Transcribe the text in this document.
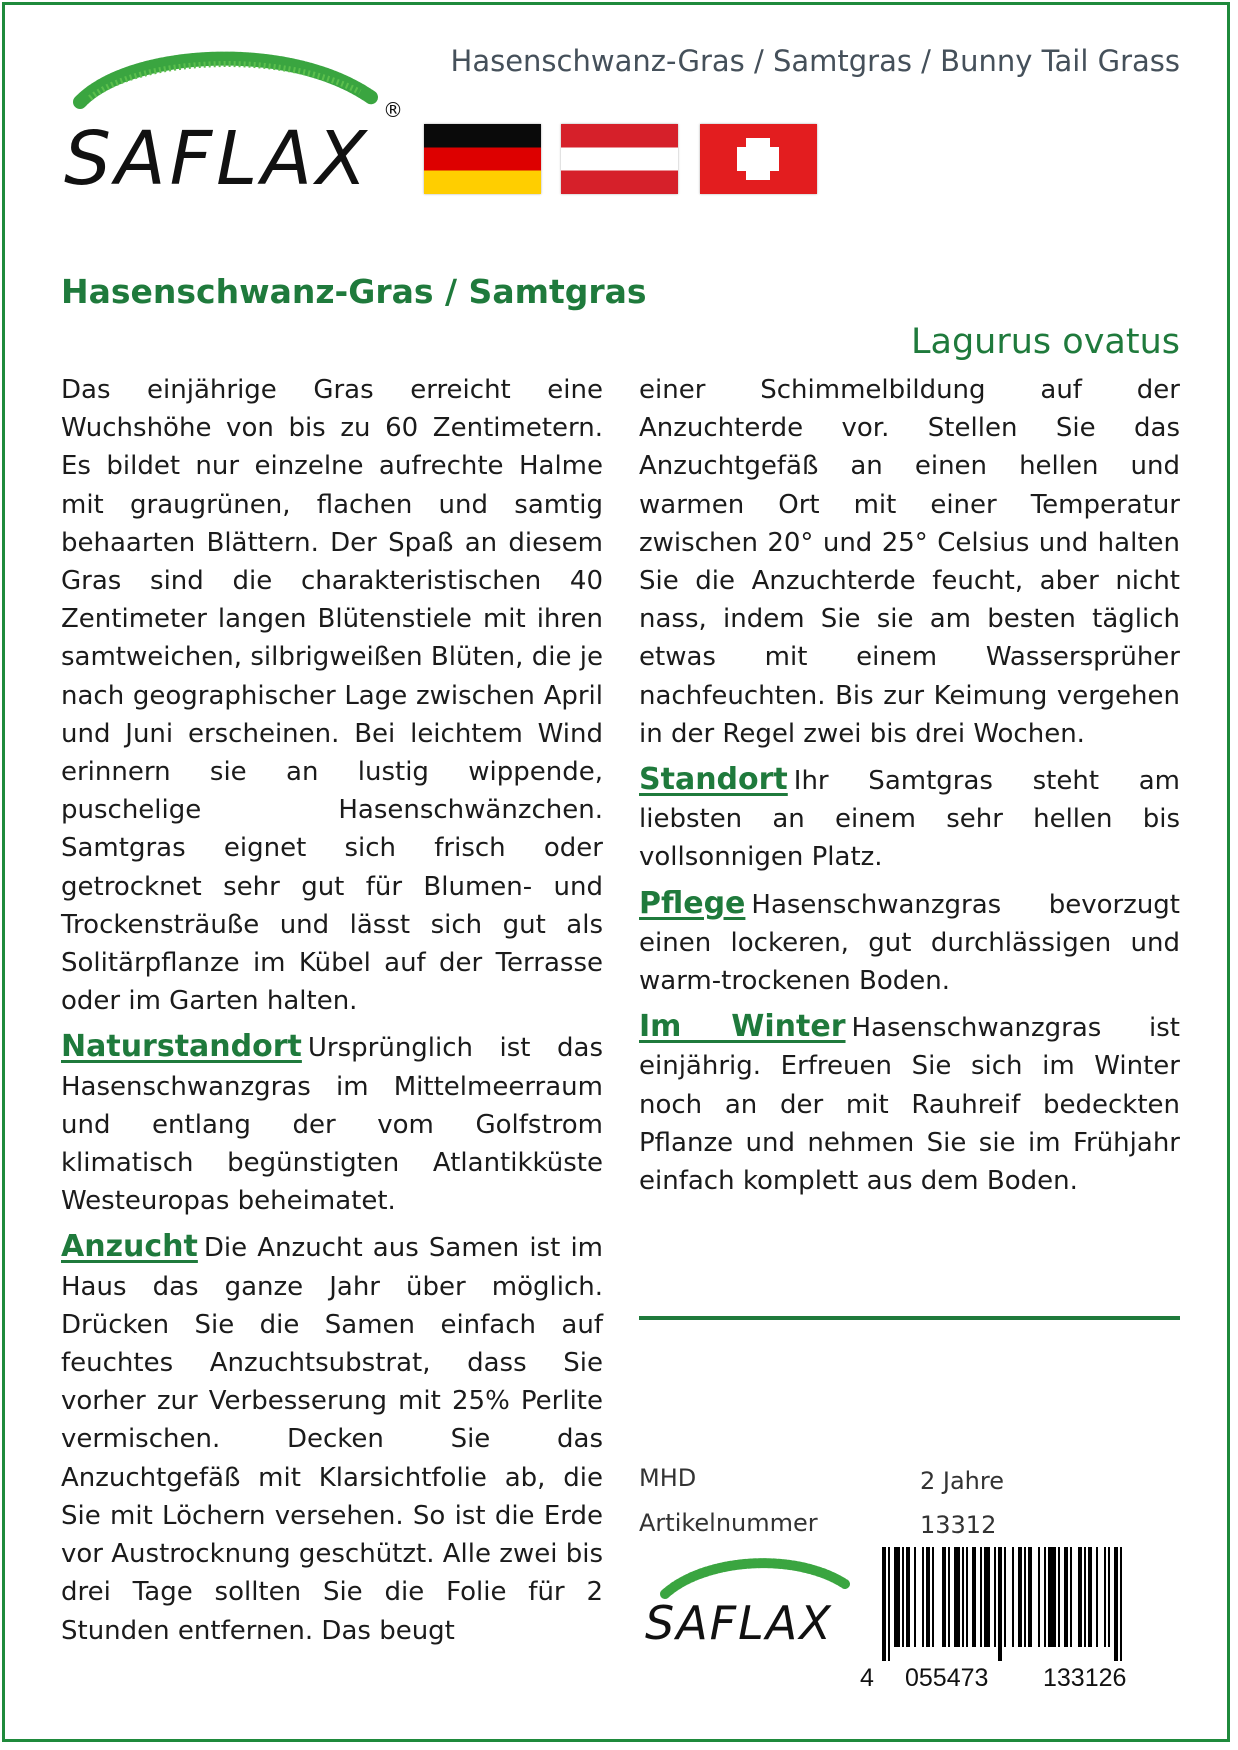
SAFLAX
®
Hasenschwanz-Gras / Samtgras / Bunny Tail Grass
Hasenschwanz-Gras / Samtgras
Lagurus ovatus

Das einjährige Gras erreicht eine Wuchshöhe von bis zu 60 Zentimetern. Es bildet nur einzelne aufrechte Halme mit graugrünen, flachen und samtig behaarten Blättern. Der Spaß an diesem Gras sind die charakteristischen 40 Zentimeter langen Blütenstiele mit ihren samtweichen, silbrigweißen Blüten, die je nach geographischer Lage zwischen April und Juni erscheinen. Bei leichtem Wind erinnern sie an lustig wippende, puschelige Hasenschwänzchen. Samtgras eignet sich frisch oder getrocknet sehr gut für Blumen- und Trockensträuße und lässt sich gut als Solitärpflanze im Kübel auf der Terrasse oder im Garten halten.

Naturstandort Ursprünglich ist das Hasenschwanzgras im Mittelmeerraum und entlang der vom Golfstrom klimatisch begünstigten Atlantikküste Westeuropas beheimatet.

Anzucht Die Anzucht aus Samen ist im Haus das ganze Jahr über möglich. Drücken Sie die Samen einfach auf feuchtes Anzuchtsubstrat, dass Sie vorher zur Verbesserung mit 25% Perlite vermischen. Decken Sie das Anzuchtgefäß mit Klarsichtfolie ab, die Sie mit Löchern versehen. So ist die Erde vor Austrocknung geschützt. Alle zwei bis drei Tage sollten Sie die Folie für 2 Stunden entfernen. Das beugt

einer Schimmelbildung auf der Anzuchterde vor. Stellen Sie das Anzuchtgefäß an einen hellen und warmen Ort mit einer Temperatur zwischen 20° und 25° Celsius und halten Sie die Anzuchterde feucht, aber nicht nass, indem Sie sie am besten täglich etwas mit einem Wassersprüher nachfeuchten. Bis zur Keimung vergehen in der Regel zwei bis drei Wochen.

Standort Ihr Samtgras steht am liebsten an einem sehr hellen bis vollsonnigen Platz.

Pflege Hasenschwanzgras bevorzugt einen lockeren, gut durchlässigen und warm-trockenen Boden.

Im Winter Hasenschwanzgras ist einjährig. Erfreuen Sie sich im Winter noch an der mit Rauhreif bedeckten Pflanze und nehmen Sie sie im Frühjahr einfach komplett aus dem Boden.

MHD	2 Jahre
Artikelnummer	13312
SAFLAX
4 055473 133126
